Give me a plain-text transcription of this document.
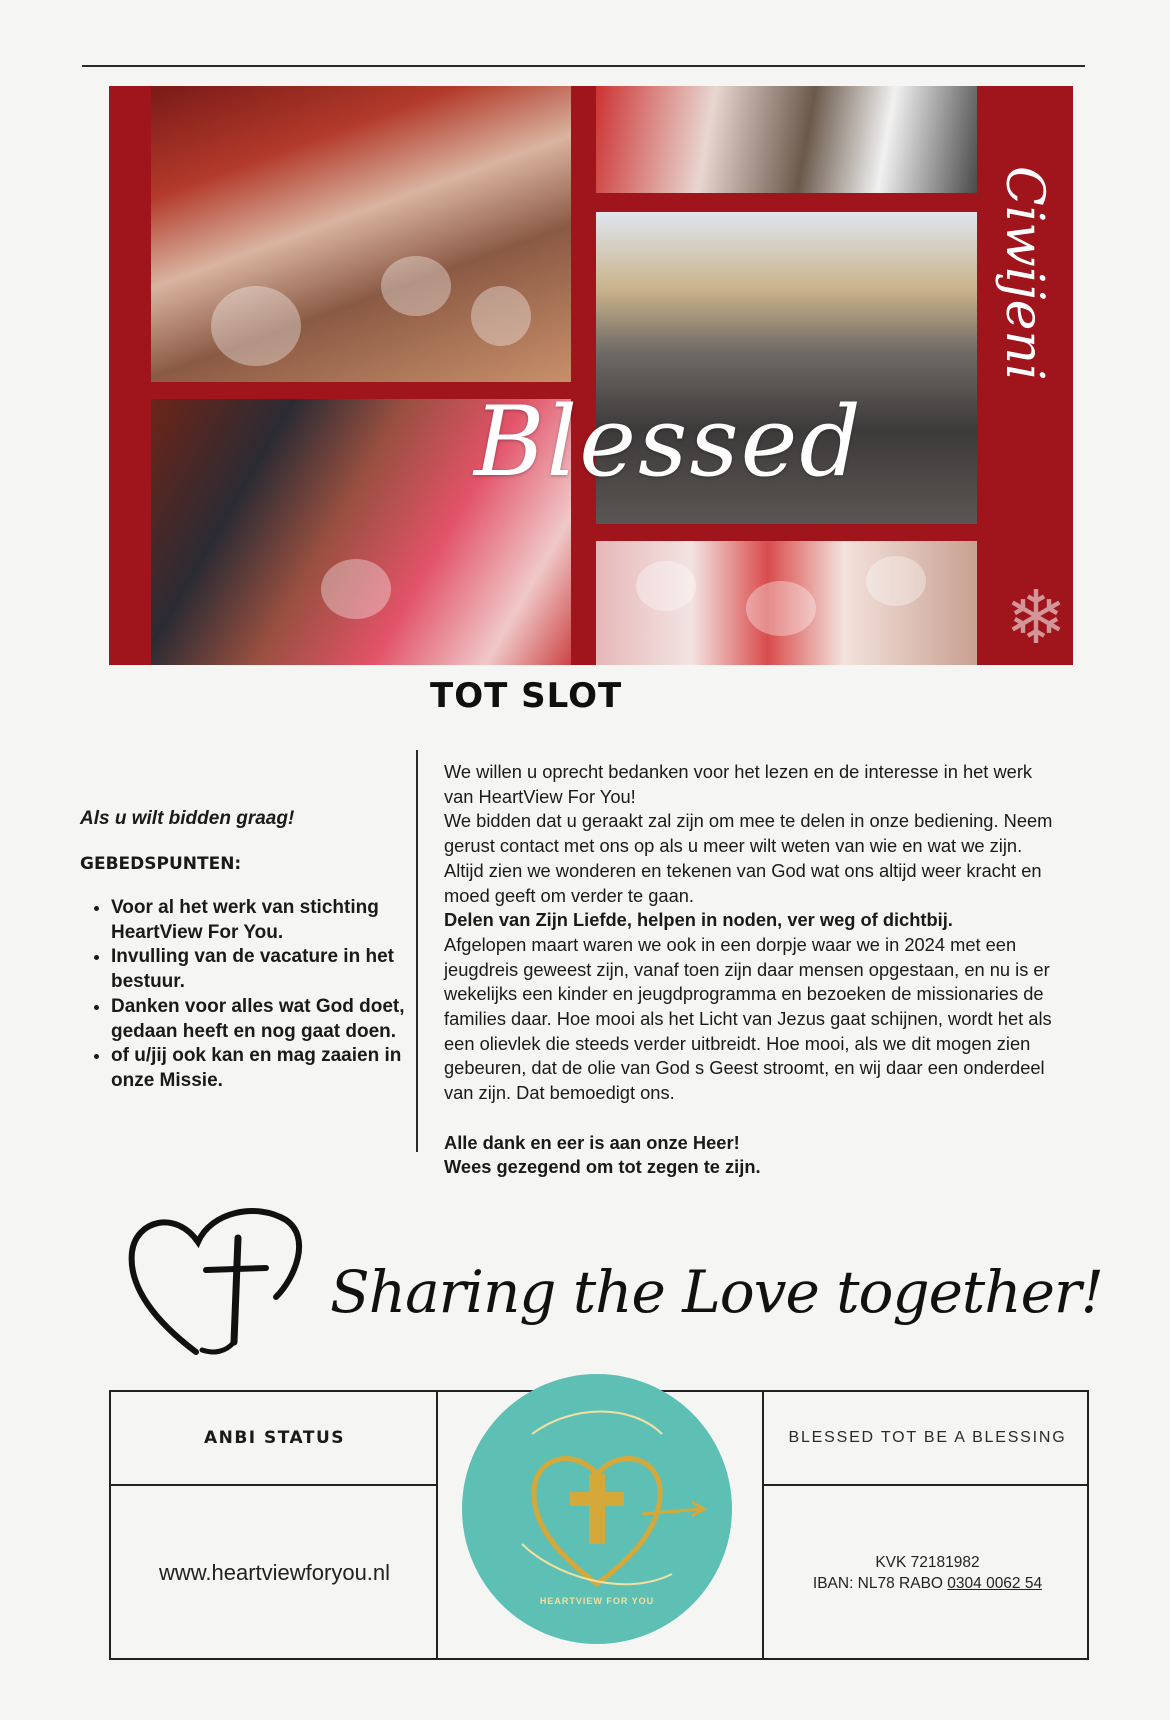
Blessed
Ciwijeni
❄
TOT SLOT

Als u wilt bidden graag!

GEBEDSPUNTEN:

• Voor al het werk van stichting HeartView For You.
• Invulling van de vacature in het bestuur.
• Danken voor alles wat God doet, gedaan heeft en nog gaat doen.
• of u/jij ook kan en mag zaaien in onze Missie.

We willen u oprecht bedanken voor het lezen en de interesse in het werk van HeartView For You!

We bidden dat u geraakt zal zijn om mee te delen in onze bediening. Neem gerust contact met ons op als u meer wilt weten van wie en wat we zijn.

Altijd zien we wonderen en tekenen van God wat ons altijd weer kracht en moed geeft om verder te gaan.

Delen van Zijn Liefde, helpen in noden, ver weg of dichtbij.

Afgelopen maart waren we ook in een dorpje waar we in 2024 met een jeugdreis geweest zijn, vanaf toen zijn daar mensen opgestaan, en nu is er wekelijks een kinder en jeugdprogramma en bezoeken de missionaries de families daar. Hoe mooi als het Licht van Jezus gaat schijnen, wordt het als een olievlek die steeds verder uitbreidt. Hoe mooi, als we dit mogen zien gebeuren, dat de olie van God s Geest stroomt, en wij daar een onderdeel van zijn. Dat bemoedigt ons.

Alle dank en eer is aan onze Heer!

Wees gezegend om tot zegen te zijn.

Sharing the Love together!
ANBI STATUS	BLESSED TOT BE A BLESSING
www.heartviewforyou.nl	KVK 72181982
IBAN: NL78 RABO 0304 0062 54
HEARTVIEW FOR YOU
